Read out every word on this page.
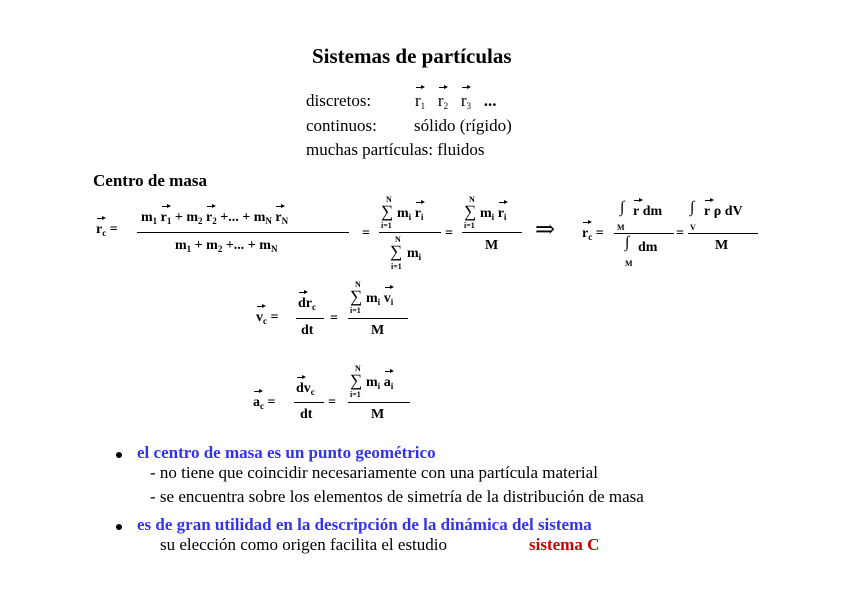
Sistemas de partículas
discretos:	$r_1$ $r_2$ $r_3$ ...
continuos: sólido (rígido)
muchas partículas: fluidos
Centro de masa
$r_c$ =
$m_1$ $r_1 + m_2$ $r_2$ +... + $m_N$ $r_N$
$m_1 + m_2$ +... + $m_N$
=
N
∑
i=1
$m_i$ $r_i$
N
∑
i=1
$m_i$
=
N
∑
i=1
$m_i$ $r_i$
M
⇒ $r_c$ =
∫ r dm
M
∫ dm
M
=
∫ r ρ dV
V
M
$v_c$ =
$dr_c$
dt
=
N
∑
i=1
$m_i$ $v_i$
M
$a_c$ =
$dv_c$
dt
=
N
∑
i=1
$m_i$ $a_i$
M
el centro de masa es un punto geométrico
- no tiene que coincidir necesariamente con una partícula material
- se encuentra sobre los elementos de simetría de la distribución de masa
es de gran utilidad en la descripción de la dinámica del sistema
su elección como origen facilita el estudio	sistema C
